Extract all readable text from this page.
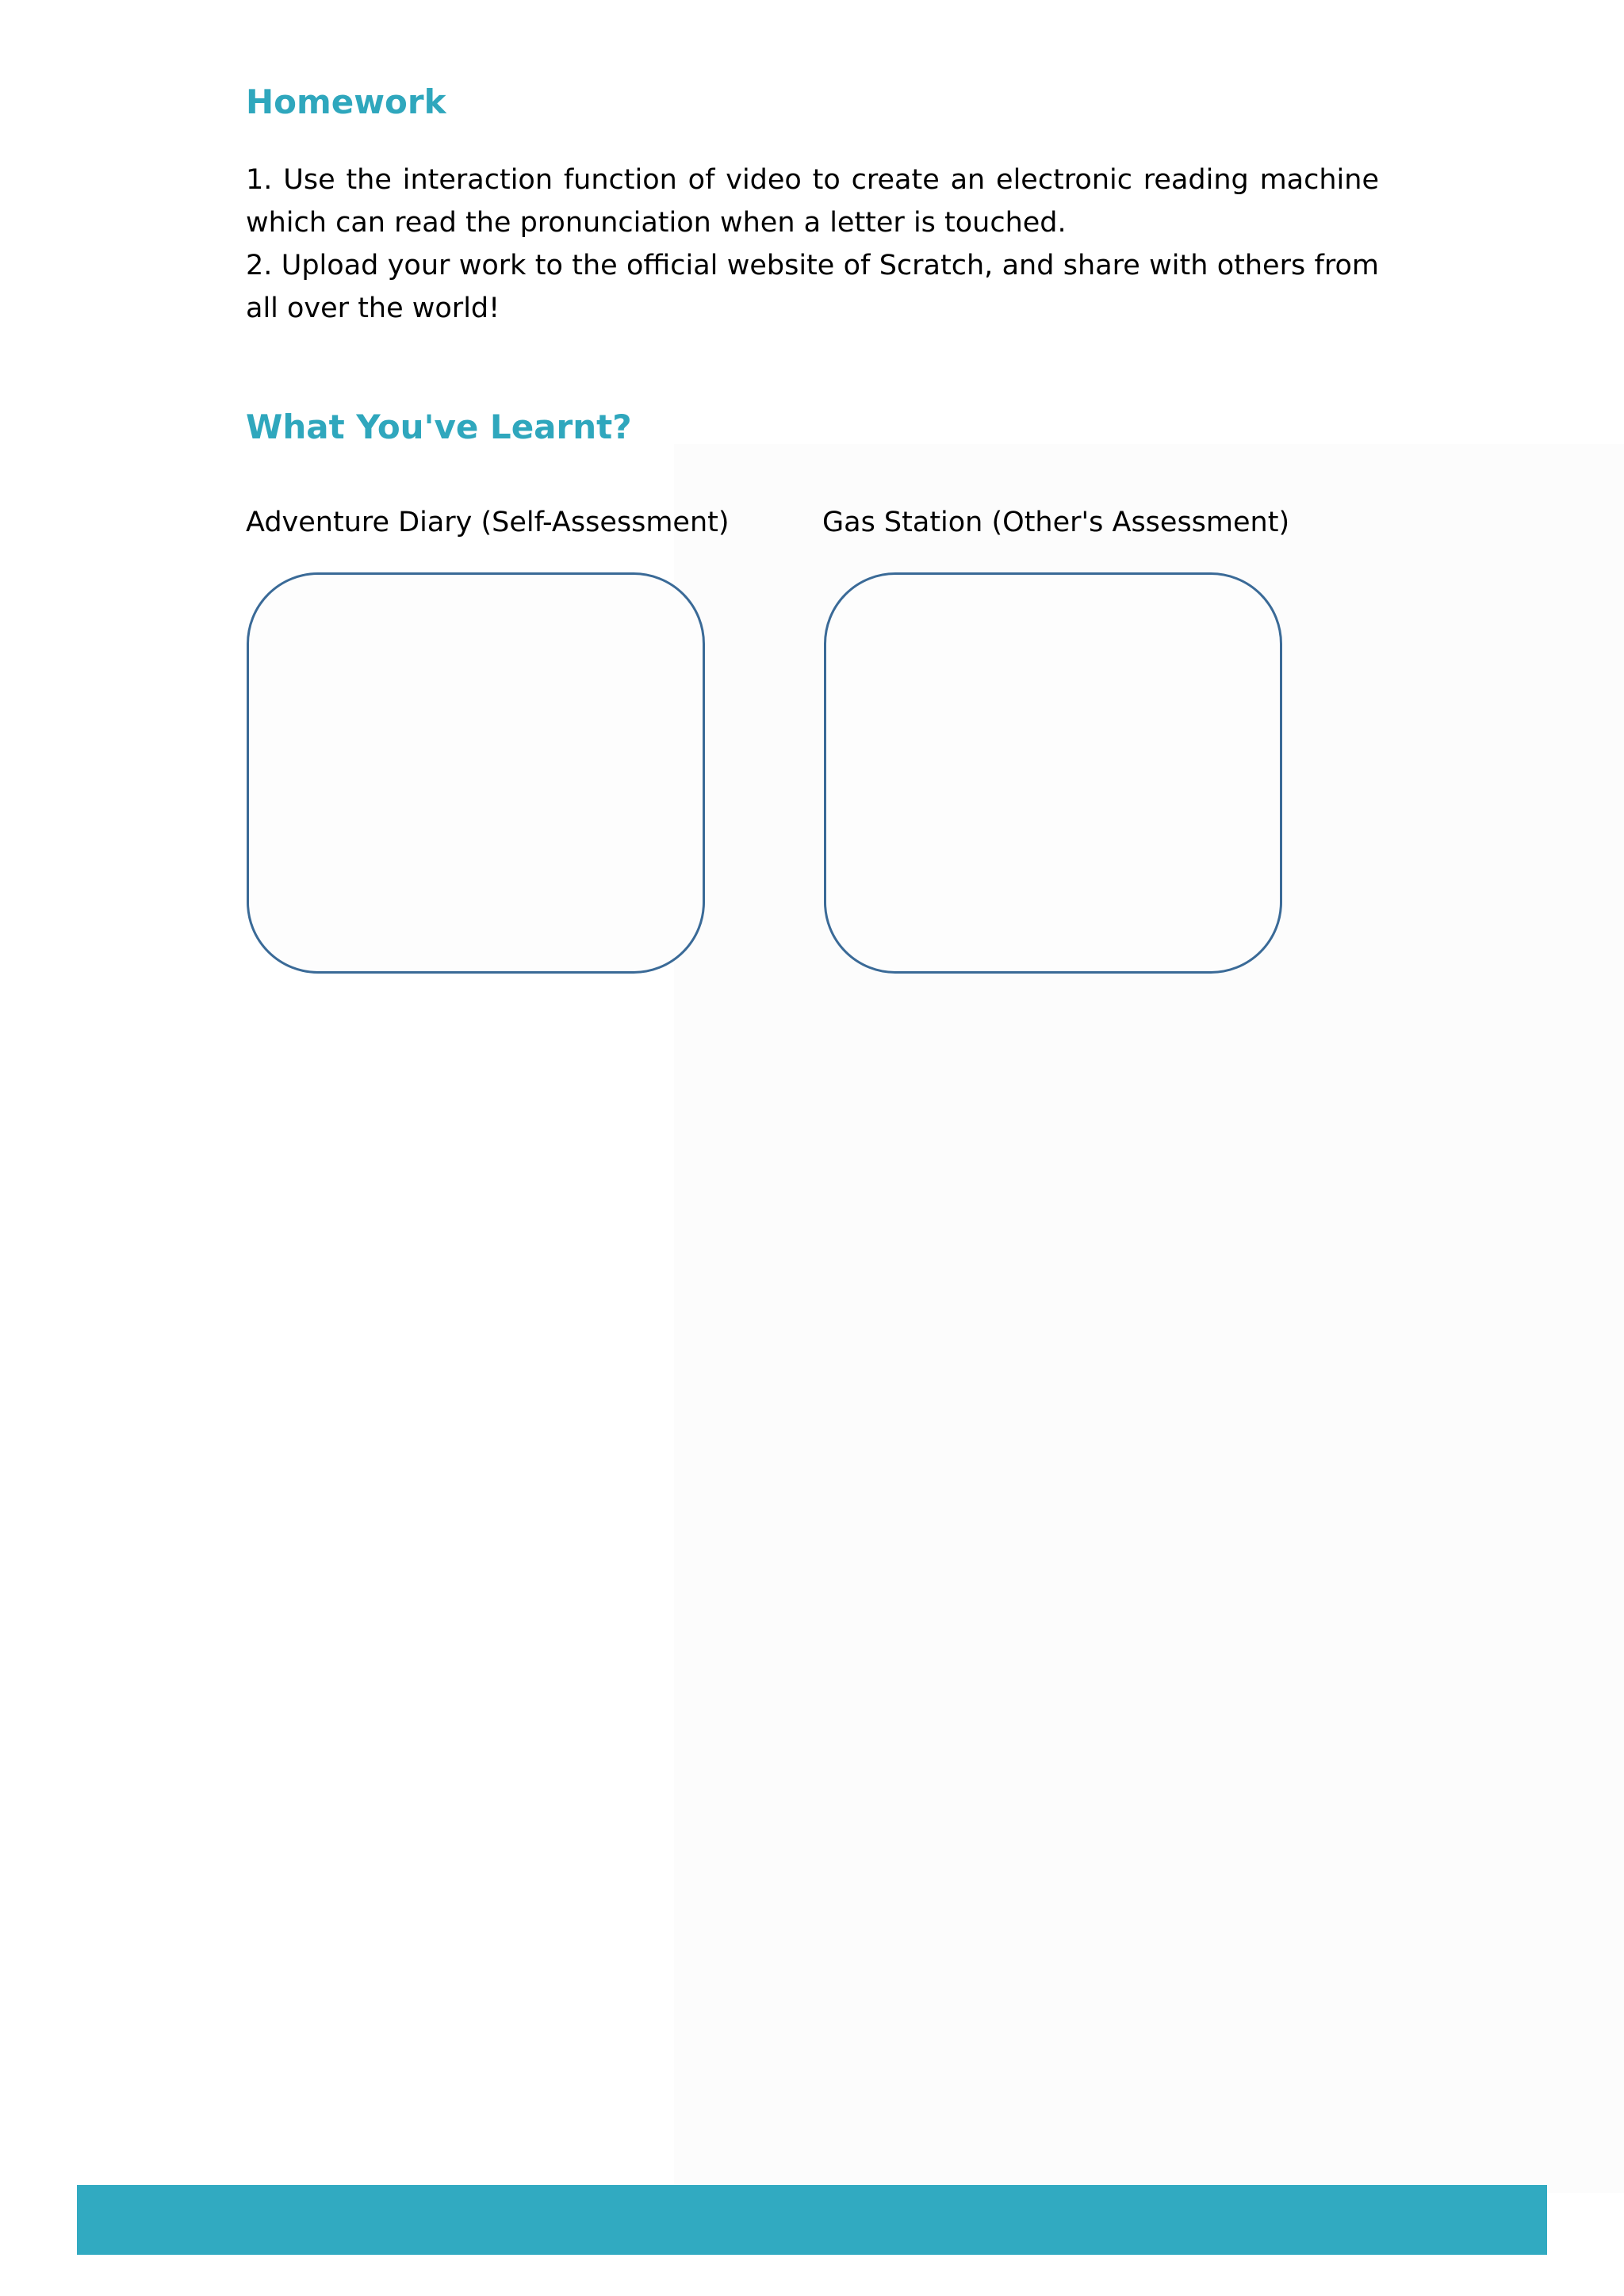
Homework

1. Use the interaction function of video to create an electronic reading machine which can read the pronunciation when a letter is touched.

2. Upload your work to the official website of Scratch, and share with others from all over the world!

What You've Learnt?

Adventure Diary (Self-Assessment)	Gas Station (Other's Assessment)
